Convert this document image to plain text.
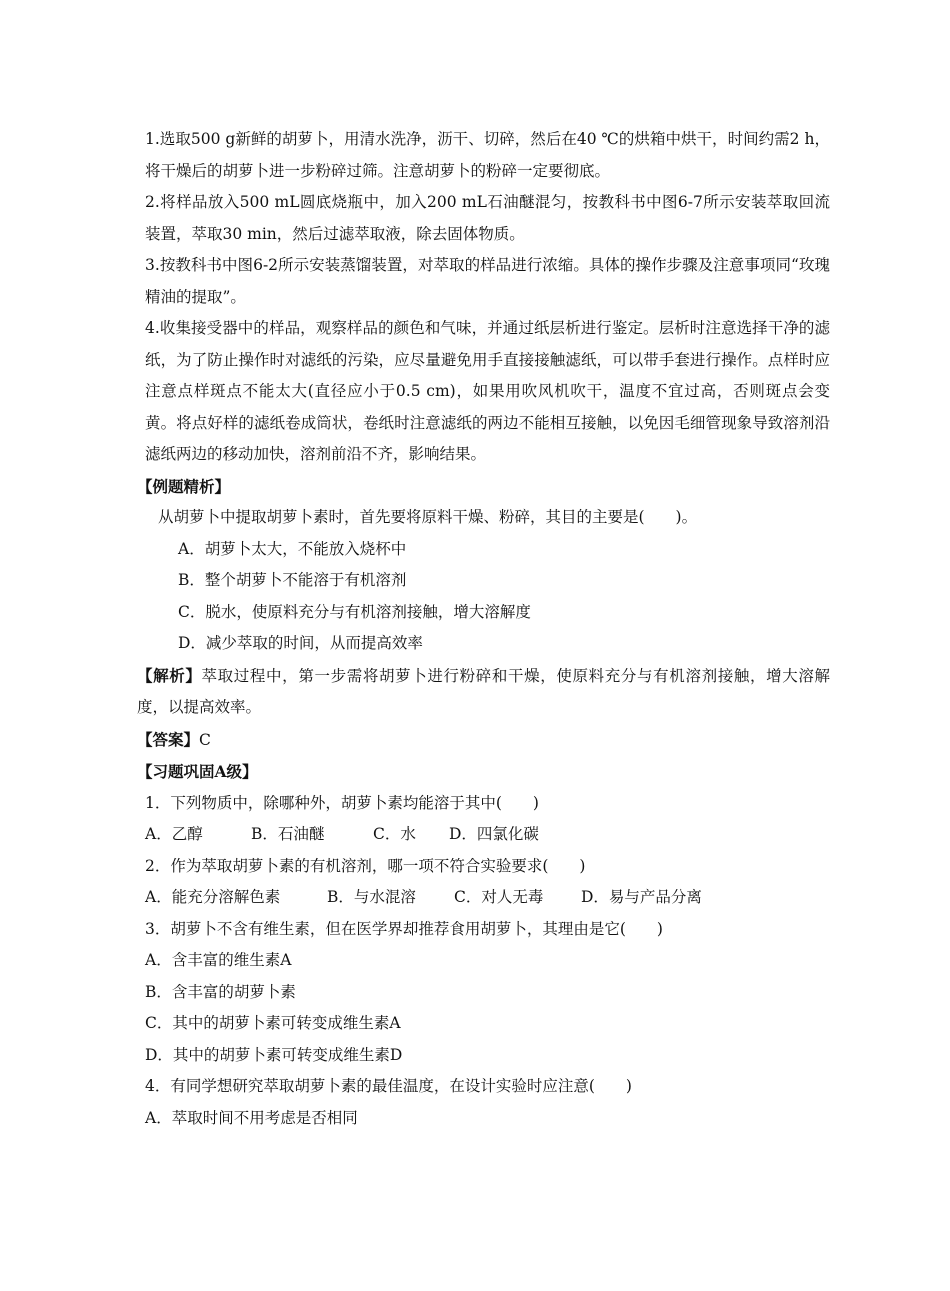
1.选取500 g新鲜的胡萝卜，用清水洗净，沥干、切碎，然后在40 ℃的烘箱中烘干，时间约需2 h，将干燥后的胡萝卜进一步粉碎过筛。注意胡萝卜的粉碎一定要彻底。

2.将样品放入500 mL圆底烧瓶中，加入200 mL石油醚混匀，按教科书中图6-7所示安装萃取回流装置，萃取30 min，然后过滤萃取液，除去固体物质。

3.按教科书中图6-2所示安装蒸馏装置，对萃取的样品进行浓缩。具体的操作步骤及注意事项同“玫瑰精油的提取”。

4.收集接受器中的样品，观察样品的颜色和气味，并通过纸层析进行鉴定。层析时注意选择干净的滤纸，为了防止操作时对滤纸的污染，应尽量避免用手直接接触滤纸，可以带手套进行操作。点样时应注意点样斑点不能太大(直径应小于0.5 cm)，如果用吹风机吹干，温度不宜过高，否则斑点会变黄。将点好样的滤纸卷成筒状，卷纸时注意滤纸的两边不能相互接触，以免因毛细管现象导致溶剂沿滤纸两边的移动加快，溶剂前沿不齐，影响结果。

【例题精析】

从胡萝卜中提取胡萝卜素时，首先要将原料干燥、粉碎，其目的主要是(　　)。

A．胡萝卜太大，不能放入烧杯中

B．整个胡萝卜不能溶于有机溶剂

C．脱水，使原料充分与有机溶剂接触，增大溶解度

D．减少萃取的时间，从而提高效率

【解析】萃取过程中，第一步需将胡萝卜进行粉碎和干燥，使原料充分与有机溶剂接触，增大溶解度，以提高效率。

【答案】C

【习题巩固A级】

1．下列物质中，除哪种外，胡萝卜素均能溶于其中(　　)

A．乙醇	B．石油醚	C．水	D．四氯化碳

2．作为萃取胡萝卜素的有机溶剂，哪一项不符合实验要求(　　)

A．能充分溶解色素	B．与水混溶	C．对人无毒	D．易与产品分离

3．胡萝卜不含有维生素，但在医学界却推荐食用胡萝卜，其理由是它(　　)

A．含丰富的维生素A

B．含丰富的胡萝卜素

C．其中的胡萝卜素可转变成维生素A

D．其中的胡萝卜素可转变成维生素D

4．有同学想研究萃取胡萝卜素的最佳温度，在设计实验时应注意(　　)

A．萃取时间不用考虑是否相同
